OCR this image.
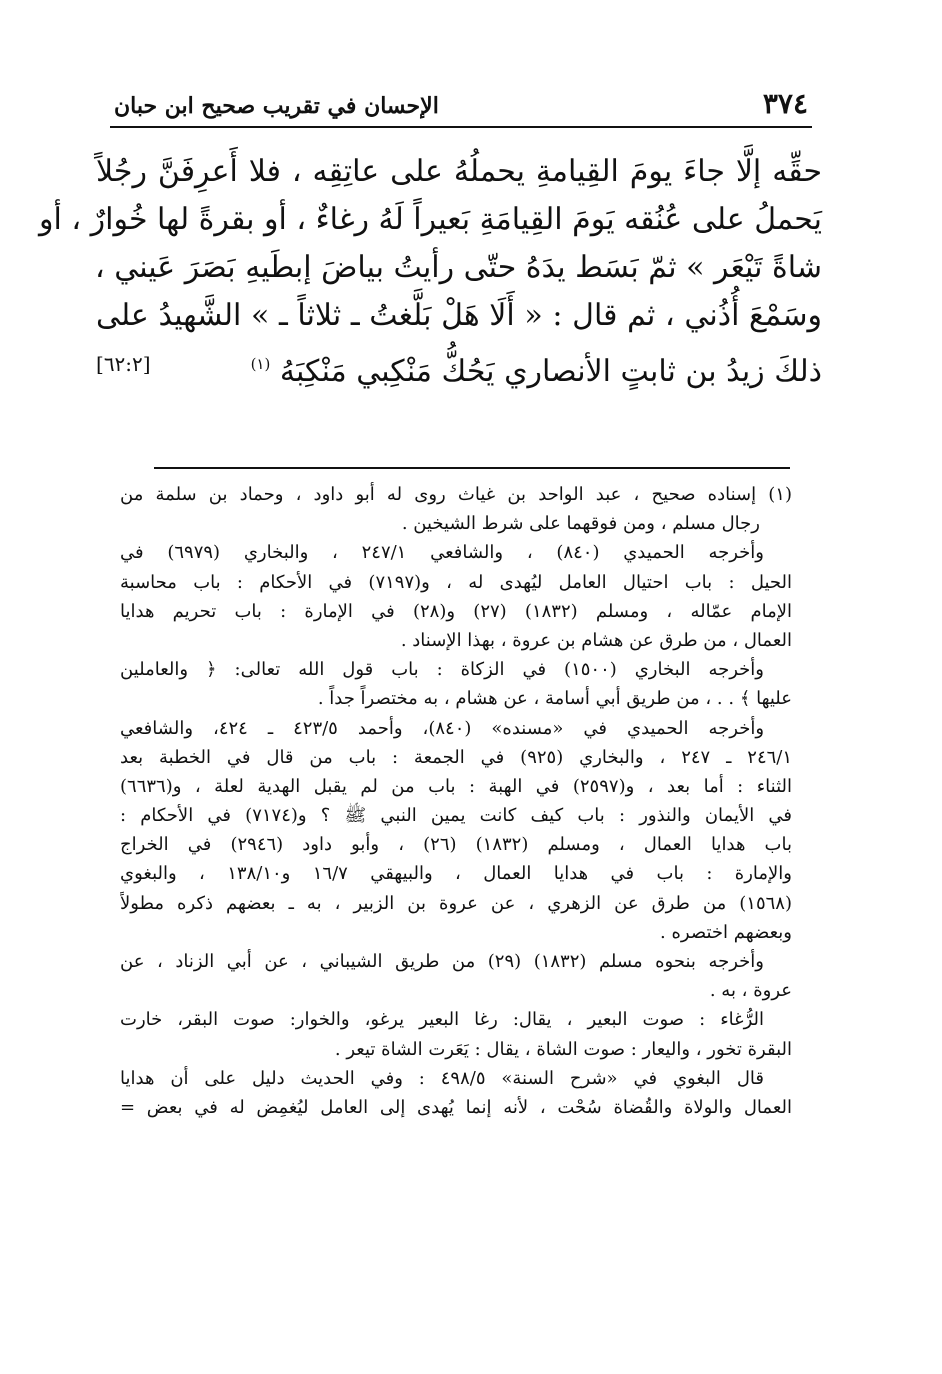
٣٧٤
الإحسان في تقريب صحيح ابن حبان
حقِّه إلَّا جاءَ يومَ القِيامةِ يحملُهُ على عاتِقِه ، فلا أَعرِفَنَّ رجُلاً
يَحملُ على عُنُقه يَومَ القِيامَةِ بَعيراً لَهُ رغاءٌ ، أو بقرةً لها خُوارٌ ، أو
شاةً تَيْعَر » ثمّ بَسَط يدَهُ حتّى رأيتُ بياضَ إبطَيهِ بَصَرَ عَيني ،
وسَمْعَ أُذُني ، ثم قال : « أَلَا هَلْ بَلَّغتُ ـ ثلاثاً ـ » الشَّهيدُ على
ذلكَ زيدُ بن ثابتٍ الأنصاري يَحُكُّ مَنْكِبي مَنْكِبَهُ $^{(١)}$
[٦٢:٢]
(١) إسناده صحيح ، عبد الواحد بن غياث روى له أبو داود ، وحماد بن سلمة من
رجال مسلم ، ومن فوقهما على شرط الشيخين .
وأخرجه الحميدي (٨٤٠) ، والشافعي ٢٤٧/١ ، والبخاري (٦٩٧٩) في
الحيل : باب احتيال العامل ليُهدى له ، و(٧١٩٧) في الأحكام : باب محاسبة
الإمام عمّاله ، ومسلم (١٨٣٢) (٢٧) و(٢٨) في الإمارة : باب تحريم هدايا
العمال ، من طرق عن هشام بن عروة ، بهذا الإسناد .
وأخرجه البخاري (١٥٠٠) في الزكاة : باب قول الله تعالى: ﴿ والعاملين
عليها ﴾ . . ، من طريق أبي أسامة ، عن هشام ، به مختصراً جداً .
وأخرجه الحميدي في «مسنده» (٨٤٠)، وأحمد ٤٢٣/٥ ـ ٤٢٤، والشافعي
٢٤٦/١ ـ ٢٤٧ ، والبخاري (٩٢٥) في الجمعة : باب من قال في الخطبة بعد
الثناء : أما بعد ، و(٢٥٩٧) في الهبة : باب من لم يقبل الهدية لعلة ، و(٦٦٣٦)
في الأيمان والنذور : باب كيف كانت يمين النبي ﷺ ؟ و(٧١٧٤) في الأحكام :
باب هدايا العمال ، ومسلم (١٨٣٢) (٢٦) ، وأبو داود (٢٩٤٦) في الخراج
والإمارة : باب في هدايا العمال ، والبيهقي ١٦/٧ و١٣٨/١٠ ، والبغوي
(١٥٦٨) من طرق عن الزهري ، عن عروة بن الزبير ، به ـ بعضهم ذكره مطولاً
وبعضهم اختصره .
وأخرجه بنحوه مسلم (١٨٣٢) (٢٩) من طريق الشيباني ، عن أبي الزناد ، عن
عروة ، به .
الرُّغاء : صوت البعير ، يقال: رغا البعير يرغو، والخوار: صوت البقر، خارت
البقرة تخور ، واليعار : صوت الشاة ، يقال : يَعَرت الشاة تيعر .
قال البغوي في «شرح السنة» ٤٩٨/٥ : وفي الحديث دليل على أن هدايا
العمال والولاة والقُضاة سُحْت ، لأنه إنما يُهدى إلى العامل ليُغمِض له في بعض =
